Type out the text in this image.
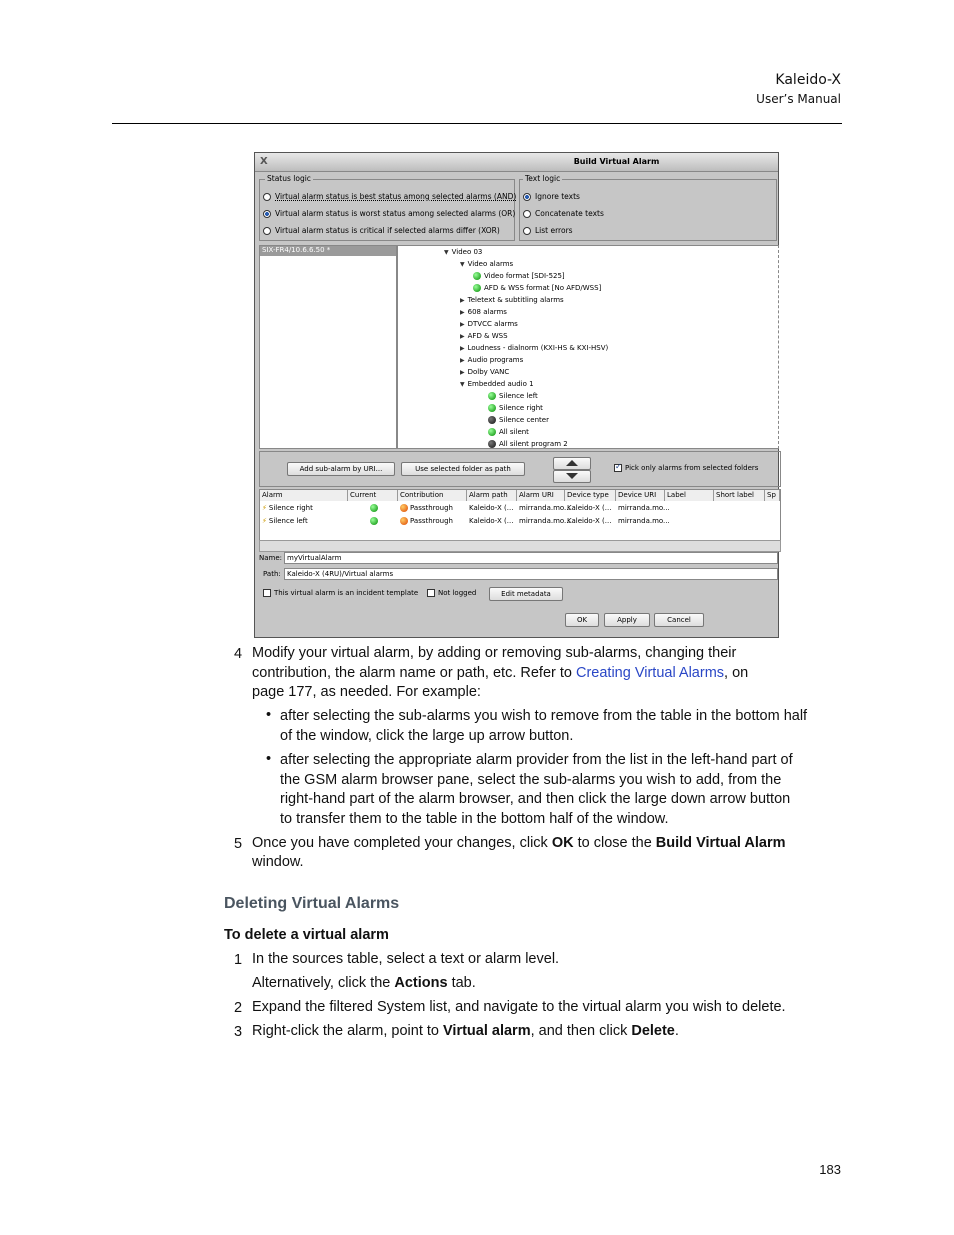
Kaleido-X
User’s Manual
X	Build Virtual Alarm
Status logic
Virtual alarm status is best status among selected alarms (AND)
Virtual alarm status is worst status among selected alarms (OR)
Virtual alarm status is critical if selected alarms differ (XOR)
Text logic
Ignore texts
Concatenate texts
List errors
SIX-FR4/10.6.6.50 *	▼ Video 03
▼ Video alarms
Video format [SDI-525]
AFD & WSS format [No AFD/WSS]
▶ Teletext & subtitling alarms
▶ 608 alarms
▶ DTVCC alarms
▶ AFD & WSS
▶ Loudness - dialnorm (KXI-HS & KXI-HSV)
▶ Audio programs
▶ Dolby VANC
▼ Embedded audio 1
Silence left
Silence right
Silence center
All silent
All silent program 2
Add sub-alarm by URI...	Use selected folder as path
✓	Pick only alarms from selected folders
Alarm	Current	Contribution	Alarm path	Alarm URI	Device type	Device URI	Label	Short label	Sp
⚡ Silence right	Passthrough Kaleido-X (... mirranda.mo...
Kaleido-X (... mirranda.mo...
⚡ Silence left	Passthrough Kaleido-X (... mirranda.mo...
Kaleido-X (... mirranda.mo...
Name: myVirtualAlarm
Path: Kaleido-X (4RU)/Virtual alarms
This virtual alarm is an incident template	Not logged	Edit metadata
OK	Apply	Cancel
4 Modify your virtual alarm, by adding or removing sub-alarms, changing their
contribution, the alarm name or path, etc. Refer to Creating Virtual Alarms, on
page 177, as needed. For example:
• after selecting the sub-alarms you wish to remove from the table in the bottom half
of the window, click the large up arrow button.
• after selecting the appropriate alarm provider from the list in the left-hand part of
the GSM alarm browser pane, select the sub-alarms you wish to add, from the
right-hand part of the alarm browser, and then click the large down arrow button
to transfer them to the table in the bottom half of the window.
5 Once you have completed your changes, click OK to close the Build Virtual Alarm
window.
Deleting Virtual Alarms
To delete a virtual alarm
1 In the sources table, select a text or alarm level.
Alternatively, click the Actions tab.
2 Expand the filtered System list, and navigate to the virtual alarm you wish to delete.
3 Right-click the alarm, point to Virtual alarm, and then click Delete.
183
